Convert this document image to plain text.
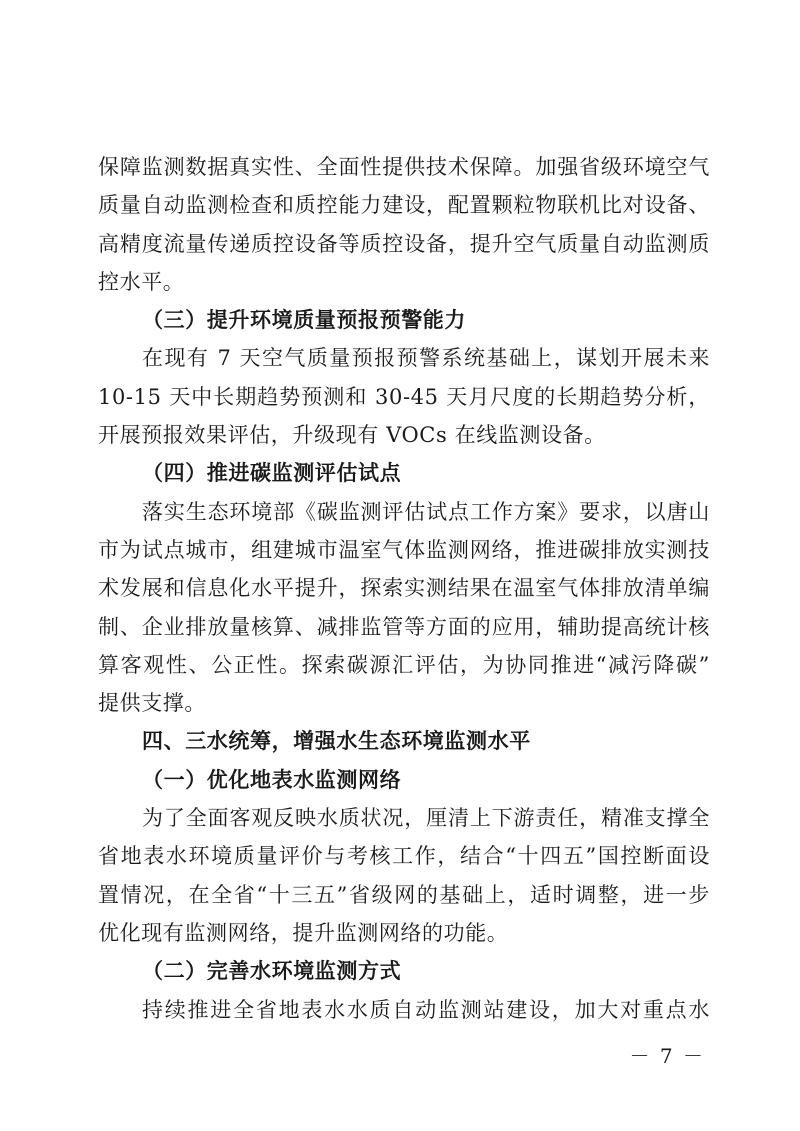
保障监测数据真实性、全面性提供技术保障。加强省级环境空气
质量自动监测检查和质控能力建设，配置颗粒物联机比对设备、
高精度流量传递质控设备等质控设备，提升空气质量自动监测质
控水平。
（三）提升环境质量预报预警能力
在现有 7 天空气质量预报预警系统基础上，谋划开展未来
10-15 天中长期趋势预测和 30-45 天月尺度的长期趋势分析，
开展预报效果评估，升级现有 VOCs 在线监测设备。
（四）推进碳监测评估试点
落实生态环境部《碳监测评估试点工作方案》要求，以唐山
市为试点城市，组建城市温室气体监测网络，推进碳排放实测技
术发展和信息化水平提升，探索实测结果在温室气体排放清单编
制、企业排放量核算、减排监管等方面的应用，辅助提高统计核
算客观性、公正性。探索碳源汇评估，为协同推进“减污降碳”
提供支撑。
四、三水统筹，增强水生态环境监测水平
（一）优化地表水监测网络
为了全面客观反映水质状况，厘清上下游责任，精准支撑全
省地表水环境质量评价与考核工作，结合“十四五”国控断面设
置情况，在全省“十三五”省级网的基础上，适时调整，进一步
优化现有监测网络，提升监测网络的功能。
（二）完善水环境监测方式
持续推进全省地表水水质自动监测站建设，加大对重点水
－ 7 －
